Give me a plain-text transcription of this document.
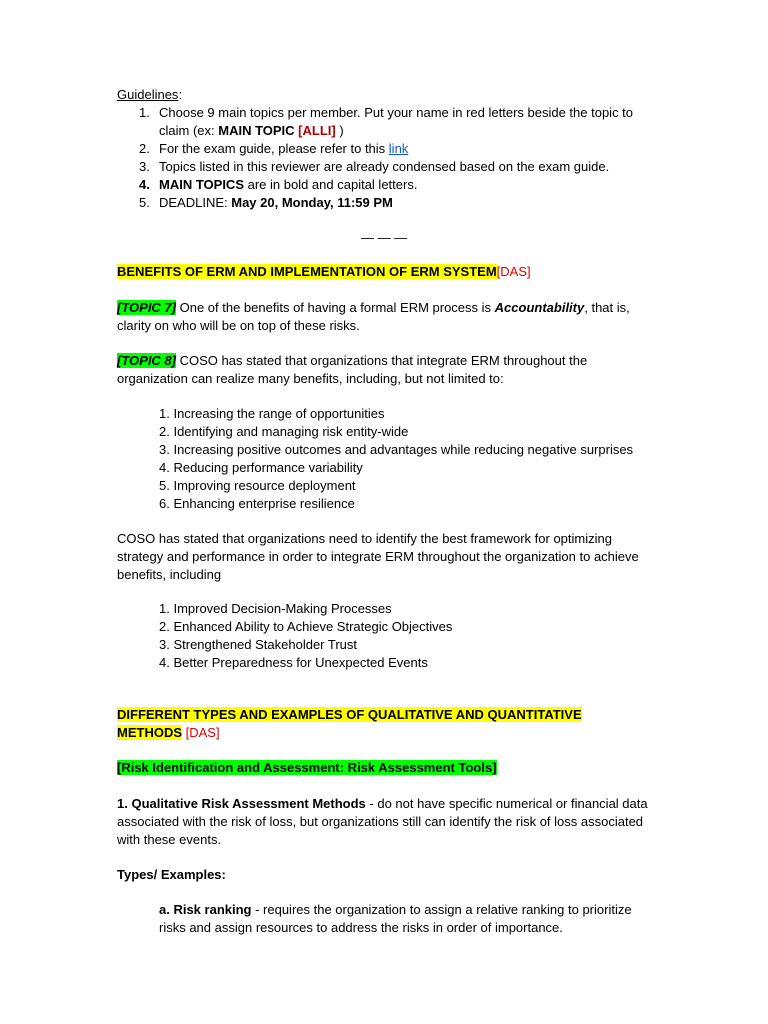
Guidelines:
1. Choose 9 main topics per member. Put your name in red letters beside the topic to
claim (ex: MAIN TOPIC [ALLI] )
2. For the exam guide, please refer to this link
3. Topics listed in this reviewer are already condensed based on the exam guide.
4. MAIN TOPICS are in bold and capital letters.
5. DEADLINE: May 20, Monday, 11:59 PM
— — —
BENEFITS OF ERM AND IMPLEMENTATION OF ERM SYSTEM[DAS]
[TOPIC 7] One of the benefits of having a formal ERM process is Accountability, that is,
clarity on who will be on top of these risks.
[TOPIC 8] COSO has stated that organizations that integrate ERM throughout the
organization can realize many benefits, including, but not limited to:
1. Increasing the range of opportunities
2. Identifying and managing risk entity-wide
3. Increasing positive outcomes and advantages while reducing negative surprises
4. Reducing performance variability
5. Improving resource deployment
6. Enhancing enterprise resilience
COSO has stated that organizations need to identify the best framework for optimizing
strategy and performance in order to integrate ERM throughout the organization to achieve
benefits, including
1. Improved Decision-Making Processes
2. Enhanced Ability to Achieve Strategic Objectives
3. Strengthened Stakeholder Trust
4. Better Preparedness for Unexpected Events
DIFFERENT TYPES AND EXAMPLES OF QUALITATIVE AND QUANTITATIVE
METHODS [DAS]
[Risk Identification and Assessment: Risk Assessment Tools]
1. Qualitative Risk Assessment Methods - do not have specific numerical or financial data
associated with the risk of loss, but organizations still can identify the risk of loss associated
with these events.
Types/ Examples:
a. Risk ranking - requires the organization to assign a relative ranking to prioritize
risks and assign resources to address the risks in order of importance.
